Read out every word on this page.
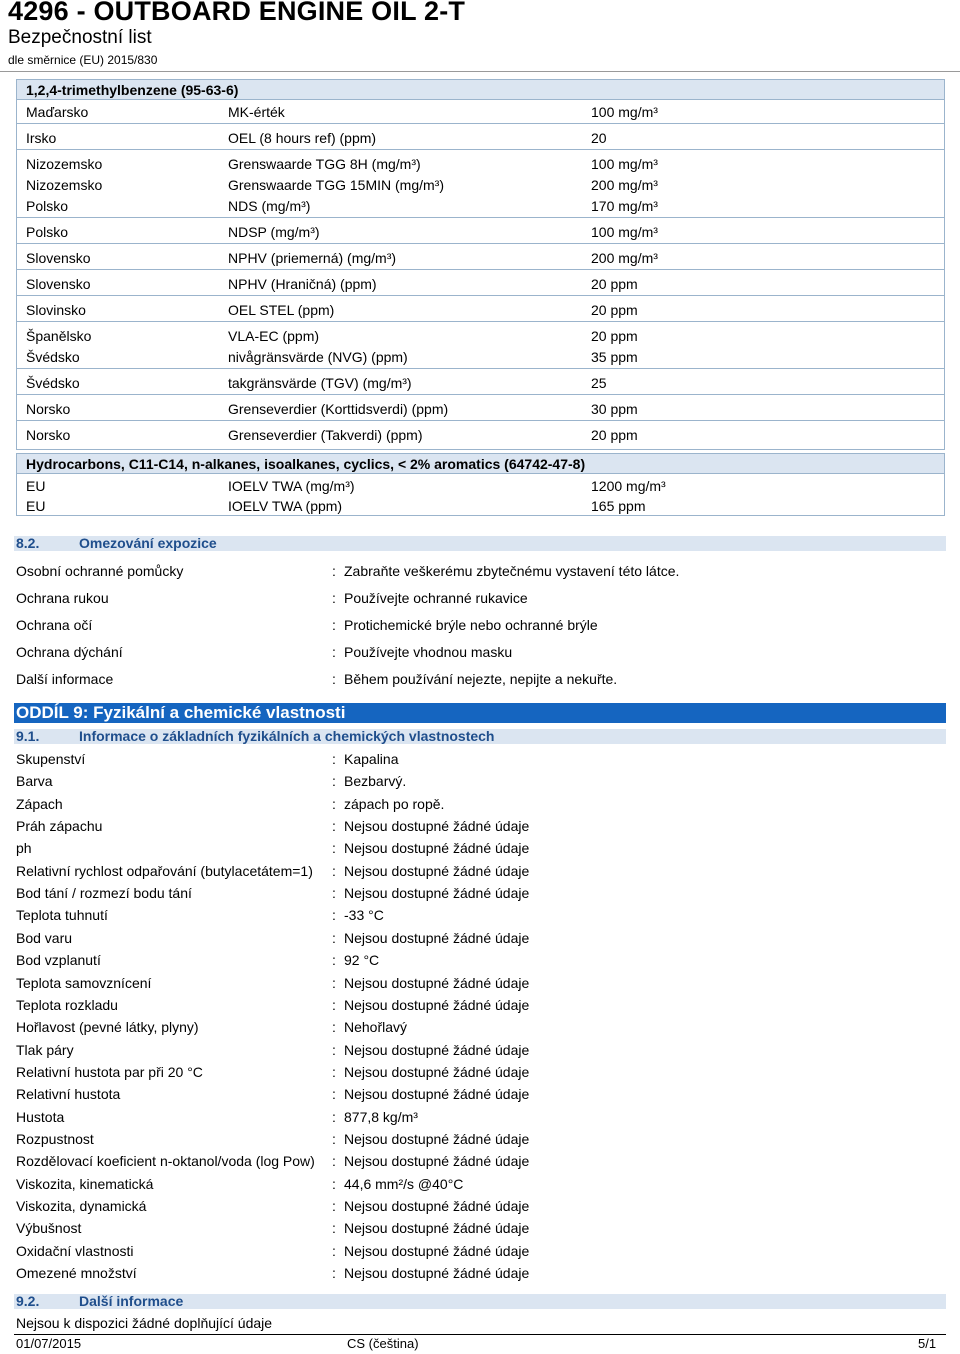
4296 - OUTBOARD ENGINE OIL 2-T
Bezpečnostní list
dle směrnice (EU) 2015/830
1,2,4-trimethylbenzene (95-63-6)
Maďarsko	MK-érték	100 mg/m³
Irsko	OEL (8 hours ref) (ppm)	20
Nizozemsko	Grenswaarde TGG 8H (mg/m³)	100 mg/m³
Nizozemsko	Grenswaarde TGG 15MIN (mg/m³)	200 mg/m³
Polsko	NDS (mg/m³)	170 mg/m³
Polsko	NDSP (mg/m³)	100 mg/m³
Slovensko	NPHV (priemerná) (mg/m³)	200 mg/m³
Slovensko	NPHV (Hraničná) (ppm)	20 ppm
Slovinsko	OEL STEL (ppm)	20 ppm
Španělsko	VLA-EC (ppm)	20 ppm
Švédsko	nivågränsvärde (NVG) (ppm)	35 ppm
Švédsko	takgränsvärde (TGV) (mg/m³)	25
Norsko	Grenseverdier (Korttidsverdi) (ppm)	30 ppm
Norsko	Grenseverdier (Takverdi) (ppm)	20 ppm
Hydrocarbons, C11-C14, n-alkanes, isoalkanes, cyclics, < 2% aromatics (64742-47-8)
EU	IOELV TWA (mg/m³)	1200 mg/m³
EU	IOELV TWA (ppm)	165 ppm
8.2.	Omezování expozice
Osobní ochranné pomůcky	: Zabraňte veškerému zbytečnému vystavení této látce.
Ochrana rukou	: Používejte ochranné rukavice
Ochrana očí	: Protichemické brýle nebo ochranné brýle
Ochrana dýchání	: Používejte vhodnou masku
Další informace	: Během používání nejezte, nepijte a nekuřte.
ODDÍL 9: Fyzikální a chemické vlastnosti
9.1.	Informace o základních fyzikálních a chemických vlastnostech
Skupenství	: Kapalina
Barva	: Bezbarvý.
Zápach	: zápach po ropě.
Práh zápachu	: Nejsou dostupné žádné údaje
ph	: Nejsou dostupné žádné údaje
Relativní rychlost odpařování (butylacetátem=1) : Nejsou dostupné žádné údaje
Bod tání / rozmezí bodu tání	: Nejsou dostupné žádné údaje
Teplota tuhnutí	: -33 °C
Bod varu	: Nejsou dostupné žádné údaje
Bod vzplanutí	: 92 °C
Teplota samovznícení	: Nejsou dostupné žádné údaje
Teplota rozkladu	: Nejsou dostupné žádné údaje
Hořlavost (pevné látky, plyny)	: Nehořlavý
Tlak páry	: Nejsou dostupné žádné údaje
Relativní hustota par při 20 °C	: Nejsou dostupné žádné údaje
Relativní hustota	: Nejsou dostupné žádné údaje
Hustota	: 877,8 kg/m³
Rozpustnost	: Nejsou dostupné žádné údaje
Rozdělovací koeficient n-oktanol/voda (log Pow) : Nejsou dostupné žádné údaje
Viskozita, kinematická	: 44,6 mm²/s @40°C
Viskozita, dynamická	: Nejsou dostupné žádné údaje
Výbušnost	: Nejsou dostupné žádné údaje
Oxidační vlastnosti	: Nejsou dostupné žádné údaje
Omezené množství	: Nejsou dostupné žádné údaje
9.2.	Další informace
Nejsou k dispozici žádné doplňující údaje
01/07/2015	CS (čeština)	5/1
